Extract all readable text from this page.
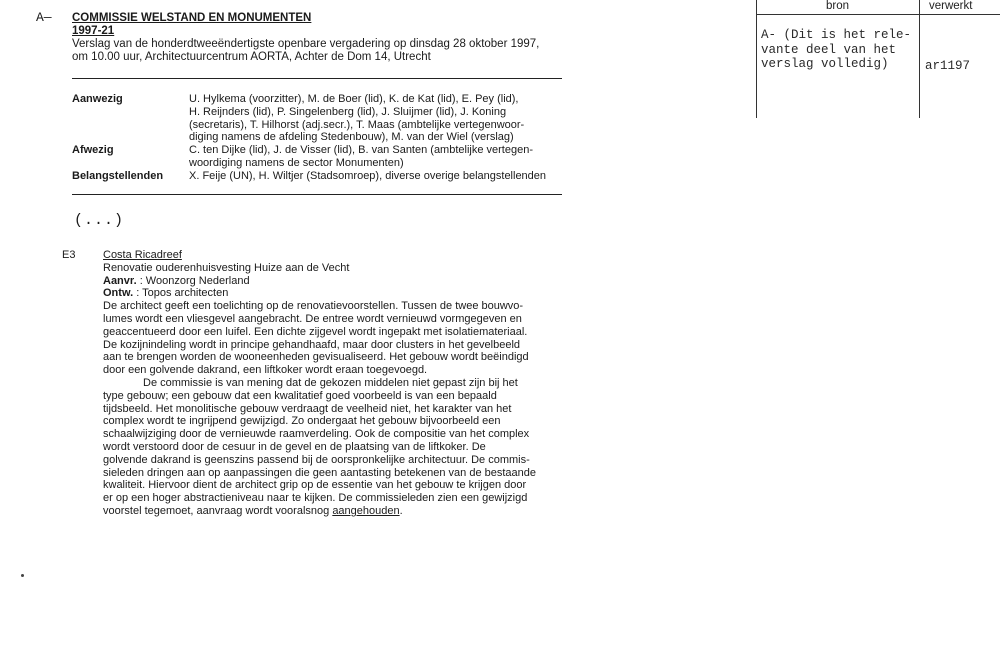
A— COMMISSIE WELSTAND EN MONUMENTEN
1997-21
Verslag van de honderdtweeëndertigste openbare vergadering op dinsdag 28 oktober 1997,
om 10.00 uur, Architectuurcentrum AORTA, Achter de Dom 14, Utrecht
Aanwezig	U. Hylkema (voorzitter), M. de Boer (lid), K. de Kat (lid), E. Pey (lid),
H. Reijnders (lid), P. Singelenberg (lid), J. Sluijmer (lid), J. Koning
(secretaris), T. Hilhorst (adj.secr.), T. Maas (ambtelijke vertegenwoor-
diging namens de afdeling Stedenbouw), M. van der Wiel (verslag)
Afwezig	C. ten Dijke (lid), J. de Visser (lid), B. van Santen (ambtelijke vertegen-
woordiging namens de sector Monumenten)
Belangstellenden X. Feije (UN), H. Wiltjer (Stadsomroep), diverse overige belangstellenden
(...)
E3	Costa Ricadreef
Renovatie ouderenhuisvesting Huize aan de Vecht
Aanvr. : Woonzorg Nederland
Ontw. : Topos architecten
De architect geeft een toelichting op de renovatievoorstellen. Tussen de twee bouwvo-
lumes wordt een vliesgevel aangebracht. De entree wordt vernieuwd vormgegeven en
geaccentueerd door een luifel. Een dichte zijgevel wordt ingepakt met isolatiemateriaal.
De kozijnindeling wordt in principe gehandhaafd, maar door clusters in het gevelbeeld
aan te brengen worden de wooneenheden gevisualiseerd. Het gebouw wordt beëindigd
door een golvende dakrand, een liftkoker wordt eraan toegevoegd.
De commissie is van mening dat de gekozen middelen niet gepast zijn bij het
type gebouw; een gebouw dat een kwalitatief goed voorbeeld is van een bepaald
tijdsbeeld. Het monolitische gebouw verdraagt de veelheid niet, het karakter van het
complex wordt te ingrijpend gewijzigd. Zo ondergaat het gebouw bijvoorbeeld een
schaalwijziging door de vernieuwde raamverdeling. Ook de compositie van het complex
wordt verstoord door de cesuur in de gevel en de plaatsing van de liftkoker. De
golvende dakrand is geenszins passend bij de oorspronkelijke architectuur. De commis-
sieleden dringen aan op aanpassingen die geen aantasting betekenen van de bestaande
kwaliteit. Hiervoor dient de architect grip op de essentie van het gebouw te krijgen door
er op een hoger abstractieniveau naar te kijken. De commissieleden zien een gewijzigd
voorstel tegemoet, aanvraag wordt vooralsnog aangehouden.
bron	verwerkt
A- (Dit is het rele-
vante deel van het
verslag volledig)	ar1197
